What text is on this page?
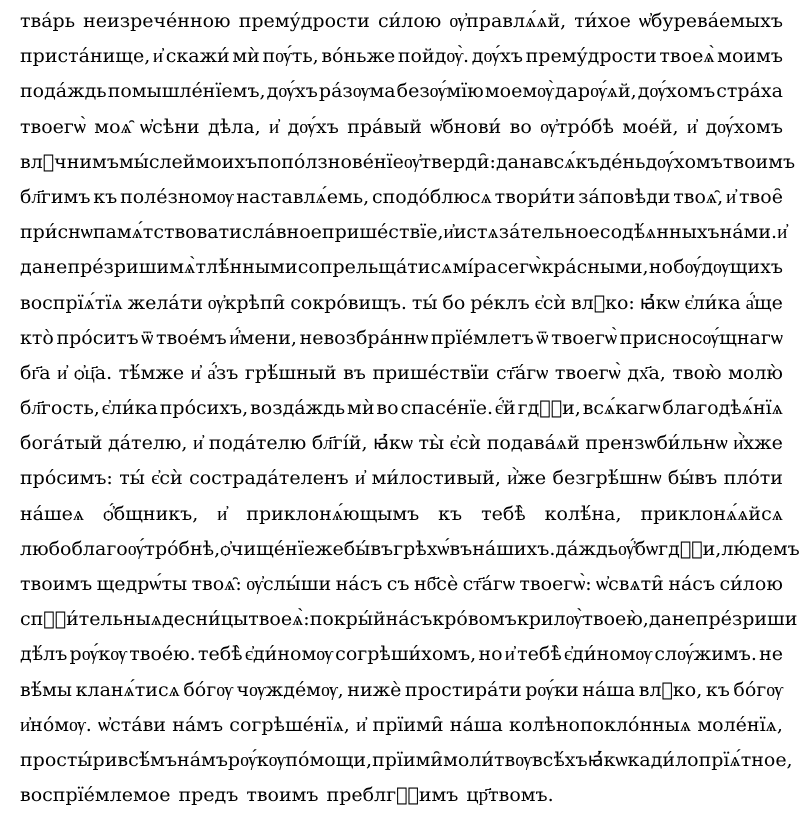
тва́рь неизрече́нною прему́дрости си́лою ѹ҆правлѧ́ѧй, ти́хое ѡ҆бурева́емыхъ
приста́нище, и҆ скажи́ мѝ пѹ́ть, во́ньже пойдѹ̀. дѹ́хъ прему́дрости твоеѧ̀ моимъ
пода́ждь помышле́нїемъ, дѹ́хъ ра́зѹма безѹ́мїю моемѹ̀ дарѹ́ѧй, дѹ́хомъ стра́ха
твоегѡ̀ моѧ̑ ѡ҆сѣни дѣла, и҆ дѹ́хъ пра́вый ѡ҆бнови́ во ѹ҆тро́бѣ мое́й, и҆ дѹ́хомъ
влⷣчнимъ мы́слей моихъ попо́лзнове́нїе ѹ҆тверди̑: да на всѧ́къ де́нь дѹ́хомъ твоимъ
бл҃гимъ къ поле́зномѹ наставлѧ́емь, сподо́блюсѧ твори́ти за́повѣди твоѧ̑, и҆ твое̑
при́снѡ памѧ́тствовати сла́вное прише́ствїе, и҆ истѧза́тельное содѣ́ѧнныхъ на́ми. и҆
да не пре́зриши мѧ̀ тлѣ́нными сопрельща́тисѧ мі́ра сегѡ̀ кра́сными, но бѹ́дѹщихъ
воспрїѧ́тїѧ жела́ти ѹ҆крѣпи̑ сокро́вищъ. ты́ бо ре́клъ є҆сѝ влⷣко: ꙗ҆́кѡ є҆ли́ка а҆́ще
кто̀ про́ситъ ѿ твое́мъ и҆́мени, невозбра́ннѡ прїе́млетъ ѿ твоегѡ̀ присносѹ́щнагѡ
бг҃а и҆ ѻ҆ц҃а. тѣ́мже и҆ а҆́зъ грѣ́шный въ прише́ствїи ст҃а́гѡ твоегѡ̀ дх҃а, твою̀ молю̀
бл҃гость, є҆ли́ка про́сихъ, возда́ждь мѝ во спасе́нїе. є҆́й гдⷭ҇и, всѧ́кагѡ благодѣѧ́нїѧ
бога́тый да́телю, и҆ пода́телю бл҃гі́й, ꙗ҆́кѡ ты̀ є҆сѝ подава́ѧй прензѡби́льнѡ и҆̀хже
про́симъ: ты́ є҆сѝ сострада́теленъ и҆ ми́лостивый, и҆̀же безгрѣ́шнѡ бы́въ пло́ти
на́шеѧ ѻ҆́бщникъ, и҆ приклонѧ́ющымъ къ тебѣ̀ колѣ́на, приклонѧ́ѧйсѧ
любоблагоѹ́тро́бнѣ, ѻ҆чище́нїе же бы́въ грѣхѡ́въ на́шихъ. да́ждь ѹ҆́бѡ гдⷭ҇и, лю́демъ
твоимъ щедрѡ́ты твоѧ̑: ѹ҆слы́ши на́съ съ нб҃сѐ ст҃а́гѡ твоегѡ̀: ѡ҆свѧти̑ на́съ си́лою
спⷭ҇и́тельныѧ десни́цы твоеѧ̀: покры́й на́съ кро́вомъ крилѹ̀ твоею̀, да не пре́зриши
дѣ́лъ рѹ́кѹ твое́ю. тебѣ̀ є҆ди́номѹ согрѣши́хомъ, но и҆ тебѣ̀ є҆ди́номѹ слѹ́жимъ. не
вѣ́мы кланѧ́тисѧ бо́гѹ чѹжде́мѹ, нижѐ простира́ти рѹ́ки на́ша влⷣко, къ бо́гѹ
и҆но́мѹ. ѡ҆ста́ви на́мъ согрѣше́нїѧ, и҆ прїими̑ на́ша колѣнопокло́нныѧ моле́нїѧ,
просты́ри всѣ́мъ на́мъ рѹ́кѹ по́мощи, прїими̑ моли́твѹ всѣ́хъ ꙗ҆́кѡ кади́ло прїѧ́тное,
воспрїе́млемое предъ твоимъ преблгⷭ҇имъ цр҃твомъ.
